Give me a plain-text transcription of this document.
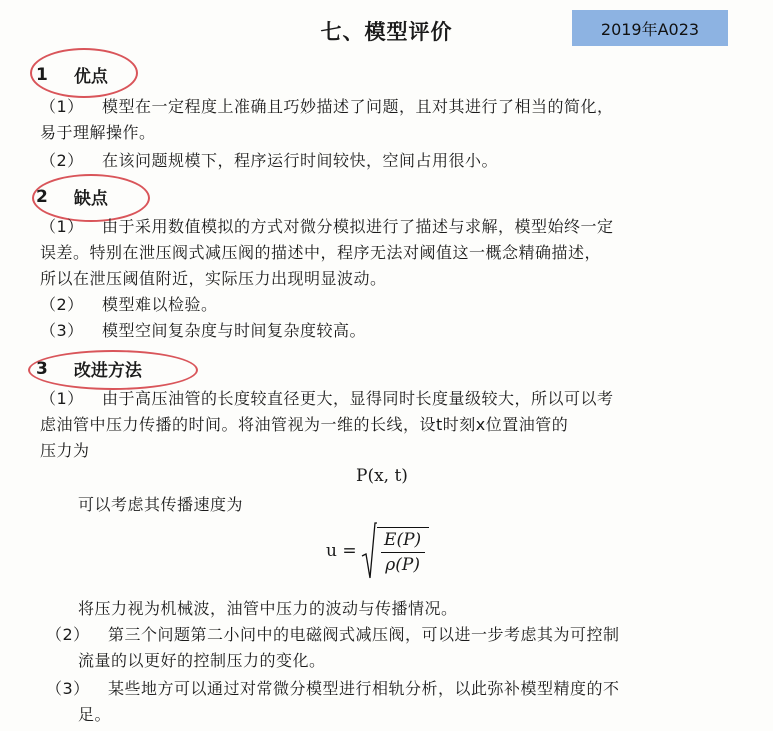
七、模型评价	2019年A023
1 优点
（1） 模型在一定程度上准确且巧妙描述了问题，且对其进行了相当的简化，
易于理解操作。
（2） 在该问题规模下，程序运行时间较快，空间占用很小。
2 缺点
（1） 由于采用数值模拟的方式对微分模拟进行了描述与求解，模型始终一定
误差。特别在泄压阀式减压阀的描述中，程序无法对阈值这一概念精确描述，
所以在泄压阈值附近，实际压力出现明显波动。
（2） 模型难以检验。
（3） 模型空间复杂度与时间复杂度较高。
3 改进方法
（1） 由于高压油管的长度较直径更大，显得同时长度量级较大，所以可以考
虑油管中压力传播的时间。将油管视为一维的长线，设t时刻x位置油管的
压力为
P(x, t)
可以考虑其传播速度为
$u = \frac{E(P)}{\rho(P)}$
将压力视为机械波，油管中压力的波动与传播情况。
（2） 第三个问题第二小问中的电磁阀式减压阀，可以进一步考虑其为可控制
流量的以更好的控制压力的变化。
（3） 某些地方可以通过对常微分模型进行相轨分析，以此弥补模型精度的不
足。
